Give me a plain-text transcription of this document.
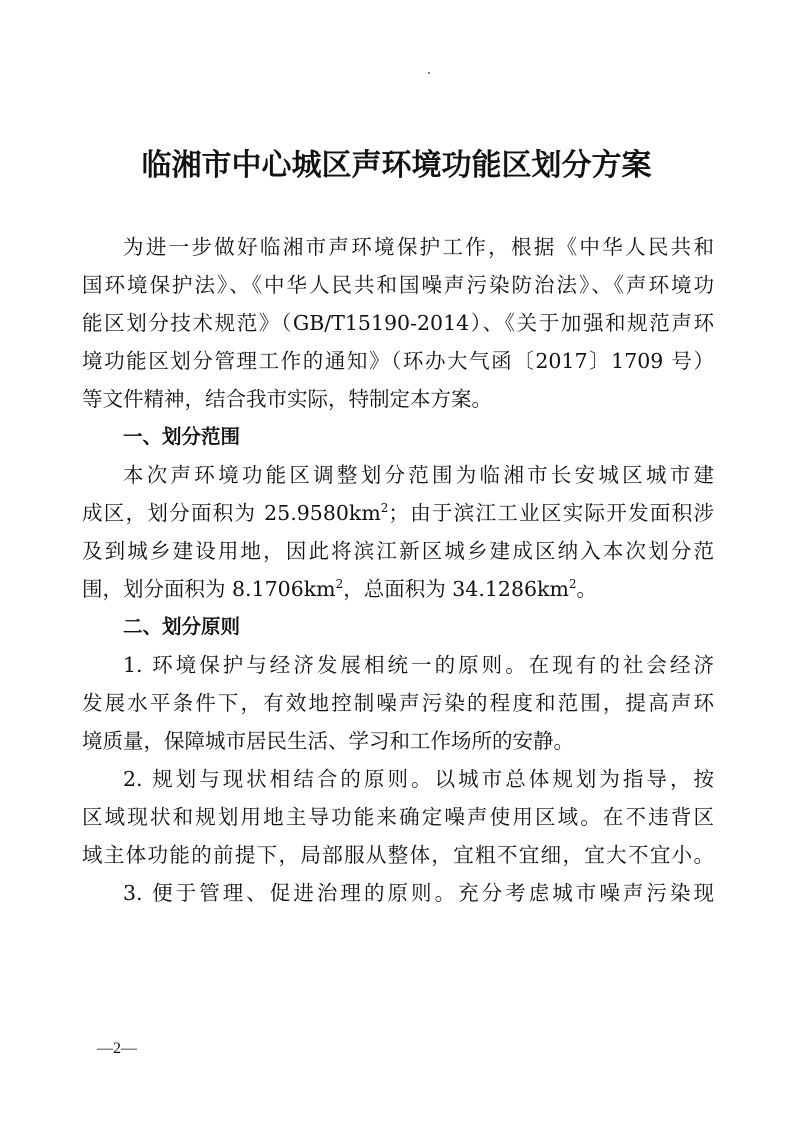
临湘市中心城区声环境功能区划分方案
为进一步做好临湘市声环境保护工作，根据《中华人民共和
国环境保护法》、《中华人民共和国噪声污染防治法》、《声环境功
能区划分技术规范》（GB/T15190-2014）、《关于加强和规范声环
境功能区划分管理工作的通知》（环办大气函〔2017〕1709 号）
等文件精神，结合我市实际，特制定本方案。
一、划分范围
本次声环境功能区调整划分范围为临湘市长安城区城市建
成区，划分面积为 $25.9580km^2$；由于滨江工业区实际开发面积涉
及到城乡建设用地，因此将滨江新区城乡建成区纳入本次划分范
围，划分面积为 $8.1706km^2$，总面积为 $34.1286km^2$。
二、划分原则
1. 环境保护与经济发展相统一的原则。在现有的社会经济
发展水平条件下，有效地控制噪声污染的程度和范围，提高声环
境质量，保障城市居民生活、学习和工作场所的安静。
2. 规划与现状相结合的原则。以城市总体规划为指导，按
区域现状和规划用地主导功能来确定噪声使用区域。在不违背区
域主体功能的前提下，局部服从整体，宜粗不宜细，宜大不宜小。
3. 便于管理、促进治理的原则。充分考虑城市噪声污染现
—2—
